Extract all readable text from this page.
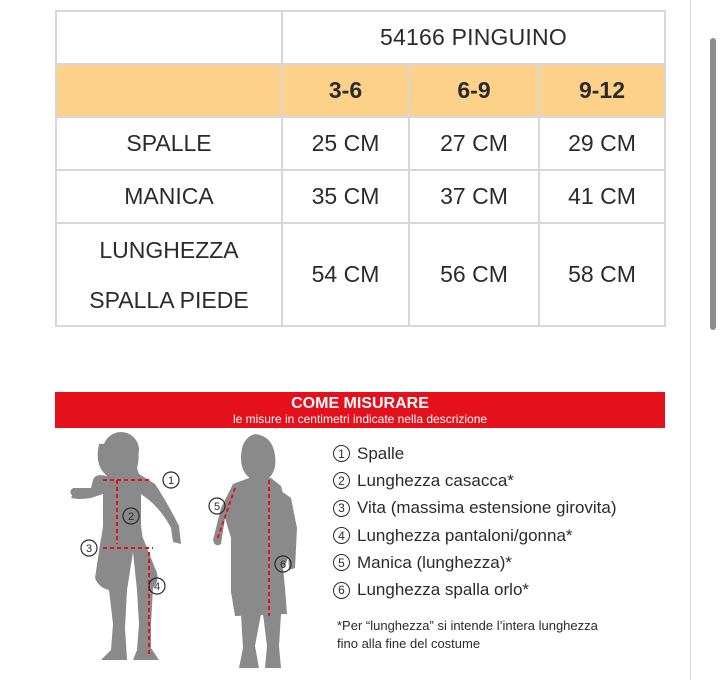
	54166 PINGUINO		
	3-6	6-9	9-12
SPALLE	25 CM	27 CM	29 CM
MANICA	35 CM	37 CM	41 CM

LUNGHEZZA
SPALLA PIEDE	54 CM	56 CM	58 CM
COME MISURARE
le misure in centimetri indicate nella descrizione
1
2
3
4
5
6
1 Spalle
2 Lunghezza casacca*
3 Vita (massima estensione girovita)
4 Lunghezza pantaloni/gonna*
5 Manica (lunghezza)*
6 Lunghezza spalla orlo*
*Per “lunghezza” si intende l’intera lunghezza
fino alla fine del costume
